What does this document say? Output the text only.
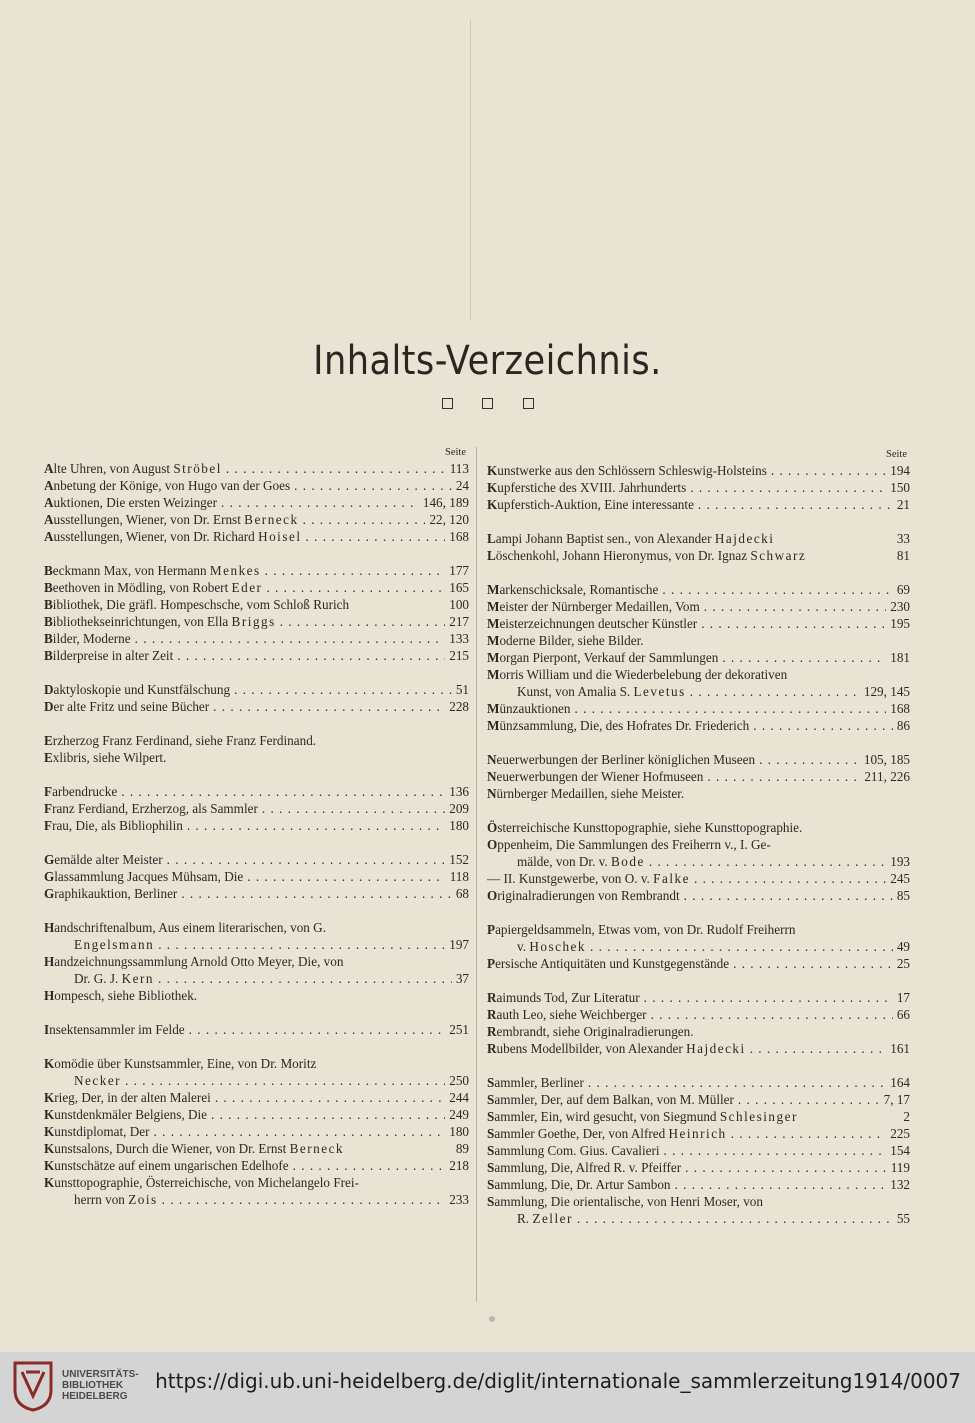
Inhalts-Verzeichnis.

Seite
Alte Uhren, von August Ströbel . . .	113
Anbetung der Könige, von Hugo van der Goes . . .	24
Auktionen, Die ersten Weizinger . . .	146, 189
Ausstellungen, Wiener, von Dr. Ernst Berneck . . .	22, 120
Ausstellungen, Wiener, von Dr. Richard Hoisel . . .	168
Beckmann Max, von Hermann Menkes . . .	177
Beethoven in Mödling, von Robert Eder . . .	165
Bibliothek, Die gräfl. Hompeschsche, vom Schloß Rurich	100
Bibliothekseinrichtungen, von Ella Briggs . . .	217
Bilder, Moderne . . .	133
Bilderpreise in alter Zeit . . .	215
Daktyloskopie und Kunstfälschung . . .	51
Der alte Fritz und seine Bücher . . .	228
Erzherzog Franz Ferdinand, siehe Franz Ferdinand.
Exlibris, siehe Wilpert.
Farbendrucke . . .	136
Franz Ferdiand, Erzherzog, als Sammler . . .	209
Frau, Die, als Bibliophilin . . .	180
Gemälde alter Meister . . .	152
Glassammlung Jacques Mühsam, Die . . .	118
Graphikauktion, Berliner . . .	68
Handschriftenalbum, Aus einem literarischen, von G.
Engelsmann . . .	197
Handzeichnungssammlung Arnold Otto Meyer, Die, von
Dr. G. J. Kern . . .	37
Hompesch, siehe Bibliothek.
Insektensammler im Felde . . .	251
Komödie über Kunstsammler, Eine, von Dr. Moritz
Necker . . .	250
Krieg, Der, in der alten Malerei . . .	244
Kunstdenkmäler Belgiens, Die . . .	249
Kunstdiplomat, Der . . .	180
Kunstsalons, Durch die Wiener, von Dr. Ernst Berneck	89
Kunstschätze auf einem ungarischen Edelhofe . . .	218
Kunsttopographie, Österreichische, von Michelangelo Frei-
herrn von Zois . . .	233
Seite
Kunstwerke aus den Schlössern Schleswig-Holsteins . . .	194
Kupferstiche des XVIII. Jahrhunderts . . .	150
Kupferstich-Auktion, Eine interessante . . .	21
Lampi Johann Baptist sen., von Alexander Hajdecki	33
Löschenkohl, Johann Hieronymus, von Dr. Ignaz Schwarz	81
Markenschicksale, Romantische . . .	69
Meister der Nürnberger Medaillen, Vom . . .	230
Meisterzeichnungen deutscher Künstler . . .	195
Moderne Bilder, siehe Bilder.
Morgan Pierpont, Verkauf der Sammlungen . . .	181
Morris William und die Wiederbelebung der dekorativen
Kunst, von Amalia S. Levetus . . .	129, 145
Münzauktionen . . .	168
Münzsammlung, Die, des Hofrates Dr. Friederich . . .	86
Neuerwerbungen der Berliner königlichen Museen . . .	105, 185
Neuerwerbungen der Wiener Hofmuseen . . .	211, 226
Nürnberger Medaillen, siehe Meister.
Österreichische Kunsttopographie, siehe Kunsttopographie.
Oppenheim, Die Sammlungen des Freiherrn v., I. Ge-
mälde, von Dr. v. Bode . . .	193
— II. Kunstgewerbe, von O. v. Falke . . .	245
Originalradierungen von Rembrandt . . .	85
Papiergeldsammeln, Etwas vom, von Dr. Rudolf Freiherrn
v. Hoschek . . .	49
Persische Antiquitäten und Kunstgegenstände . . .	25
Raimunds Tod, Zur Literatur . . .	17
Rauth Leo, siehe Weichberger . . .	66
Rembrandt, siehe Originalradierungen.
Rubens Modellbilder, von Alexander Hajdecki . . .	161
Sammler, Berliner . . .	164
Sammler, Der, auf dem Balkan, von M. Müller . . .	7, 17
Sammler, Ein, wird gesucht, von Siegmund Schlesinger	2
Sammler Goethe, Der, von Alfred Heinrich . . .	225
Sammlung Com. Gius. Cavalieri . . .	154
Sammlung, Die, Alfred R. v. Pfeiffer . . .	119
Sammlung, Die, Dr. Artur Sambon . . .	132
Sammlung, Die orientalische, von Henri Moser, von
R. Zeller . . .	55
UNIVERSITÄTS-
BIBLIOTHEK
HEIDELBERG
https://digi.ub.uni-heidelberg.de/diglit/internationale_sammlerzeitung1914/0007
